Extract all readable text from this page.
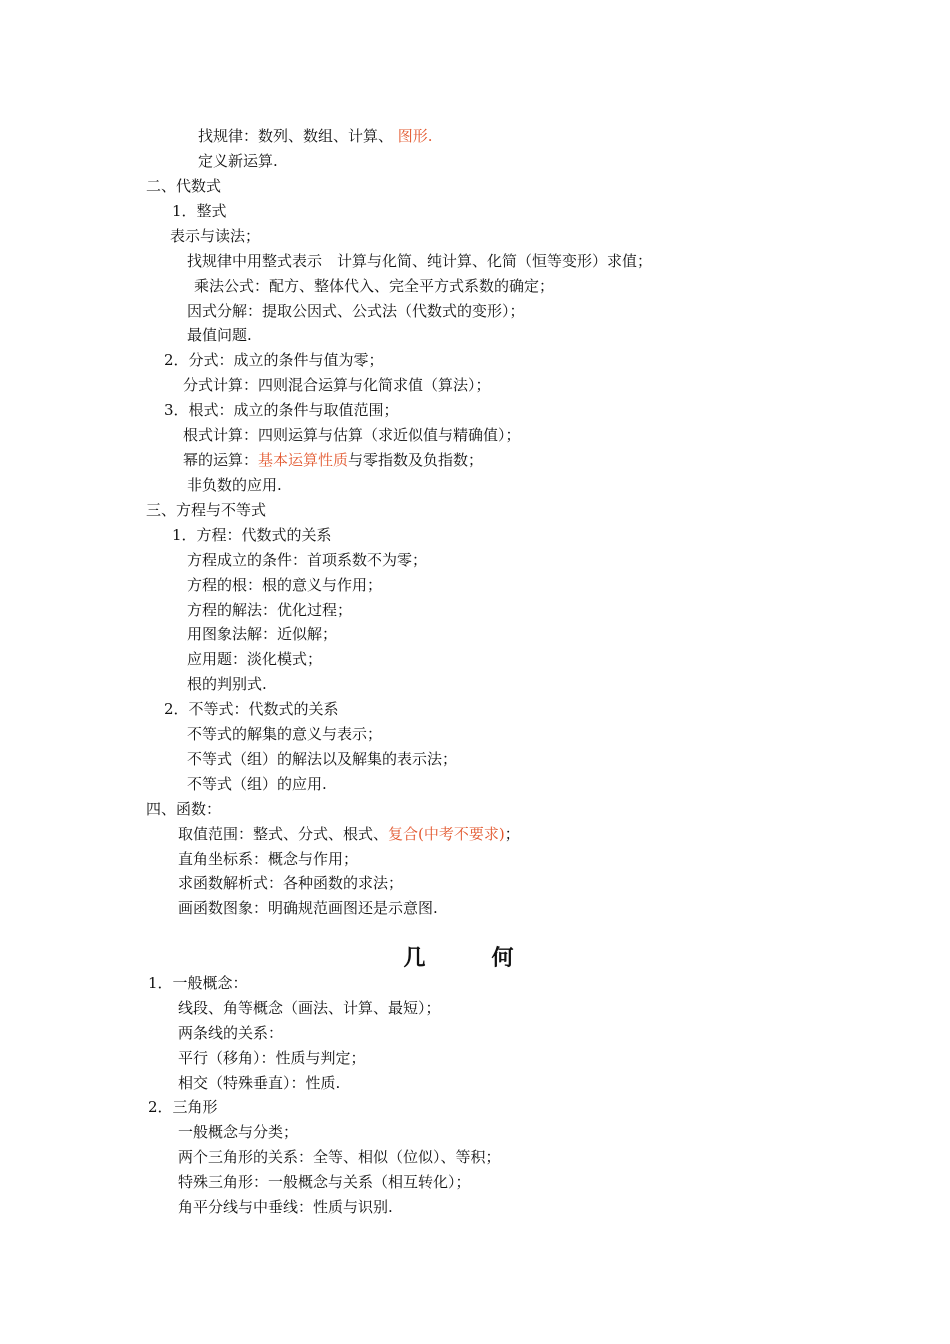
找规律：数列、数组、计算、 图形.
定义新运算.
二、代数式
1．整式
表示与读法；
找规律中用整式表示　计算与化简、纯计算、化简（恒等变形）求值；
乘法公式：配方、整体代入、完全平方式系数的确定；
因式分解：提取公因式、公式法（代数式的变形）；
最值问题.
2．分式：成立的条件与值为零；
分式计算：四则混合运算与化简求值（算法）；
3．根式：成立的条件与取值范围；
根式计算：四则运算与估算（求近似值与精确值）；
幂的运算：基本运算性质与零指数及负指数；
非负数的应用.
三、方程与不等式
1．方程：代数式的关系
方程成立的条件：首项系数不为零；
方程的根：根的意义与作用；
方程的解法：优化过程；
用图象法解：近似解；
应用题：淡化模式；
根的判别式.
2．不等式：代数式的关系
不等式的解集的意义与表示；
不等式（组）的解法以及解集的表示法；
不等式（组）的应用.
四、函数：
取值范围：整式、分式、根式、复合(中考不要求)；
直角坐标系：概念与作用；
求函数解析式：各种函数的求法；
画函数图象：明确规范画图还是示意图.
几何
1．一般概念：
线段、角等概念（画法、计算、最短）；
两条线的关系：
平行（移角）：性质与判定；
相交（特殊垂直）：性质.
2．三角形
一般概念与分类；
两个三角形的关系：全等、相似（位似）、等积；
特殊三角形：一般概念与关系（相互转化）；
角平分线与中垂线：性质与识别.
